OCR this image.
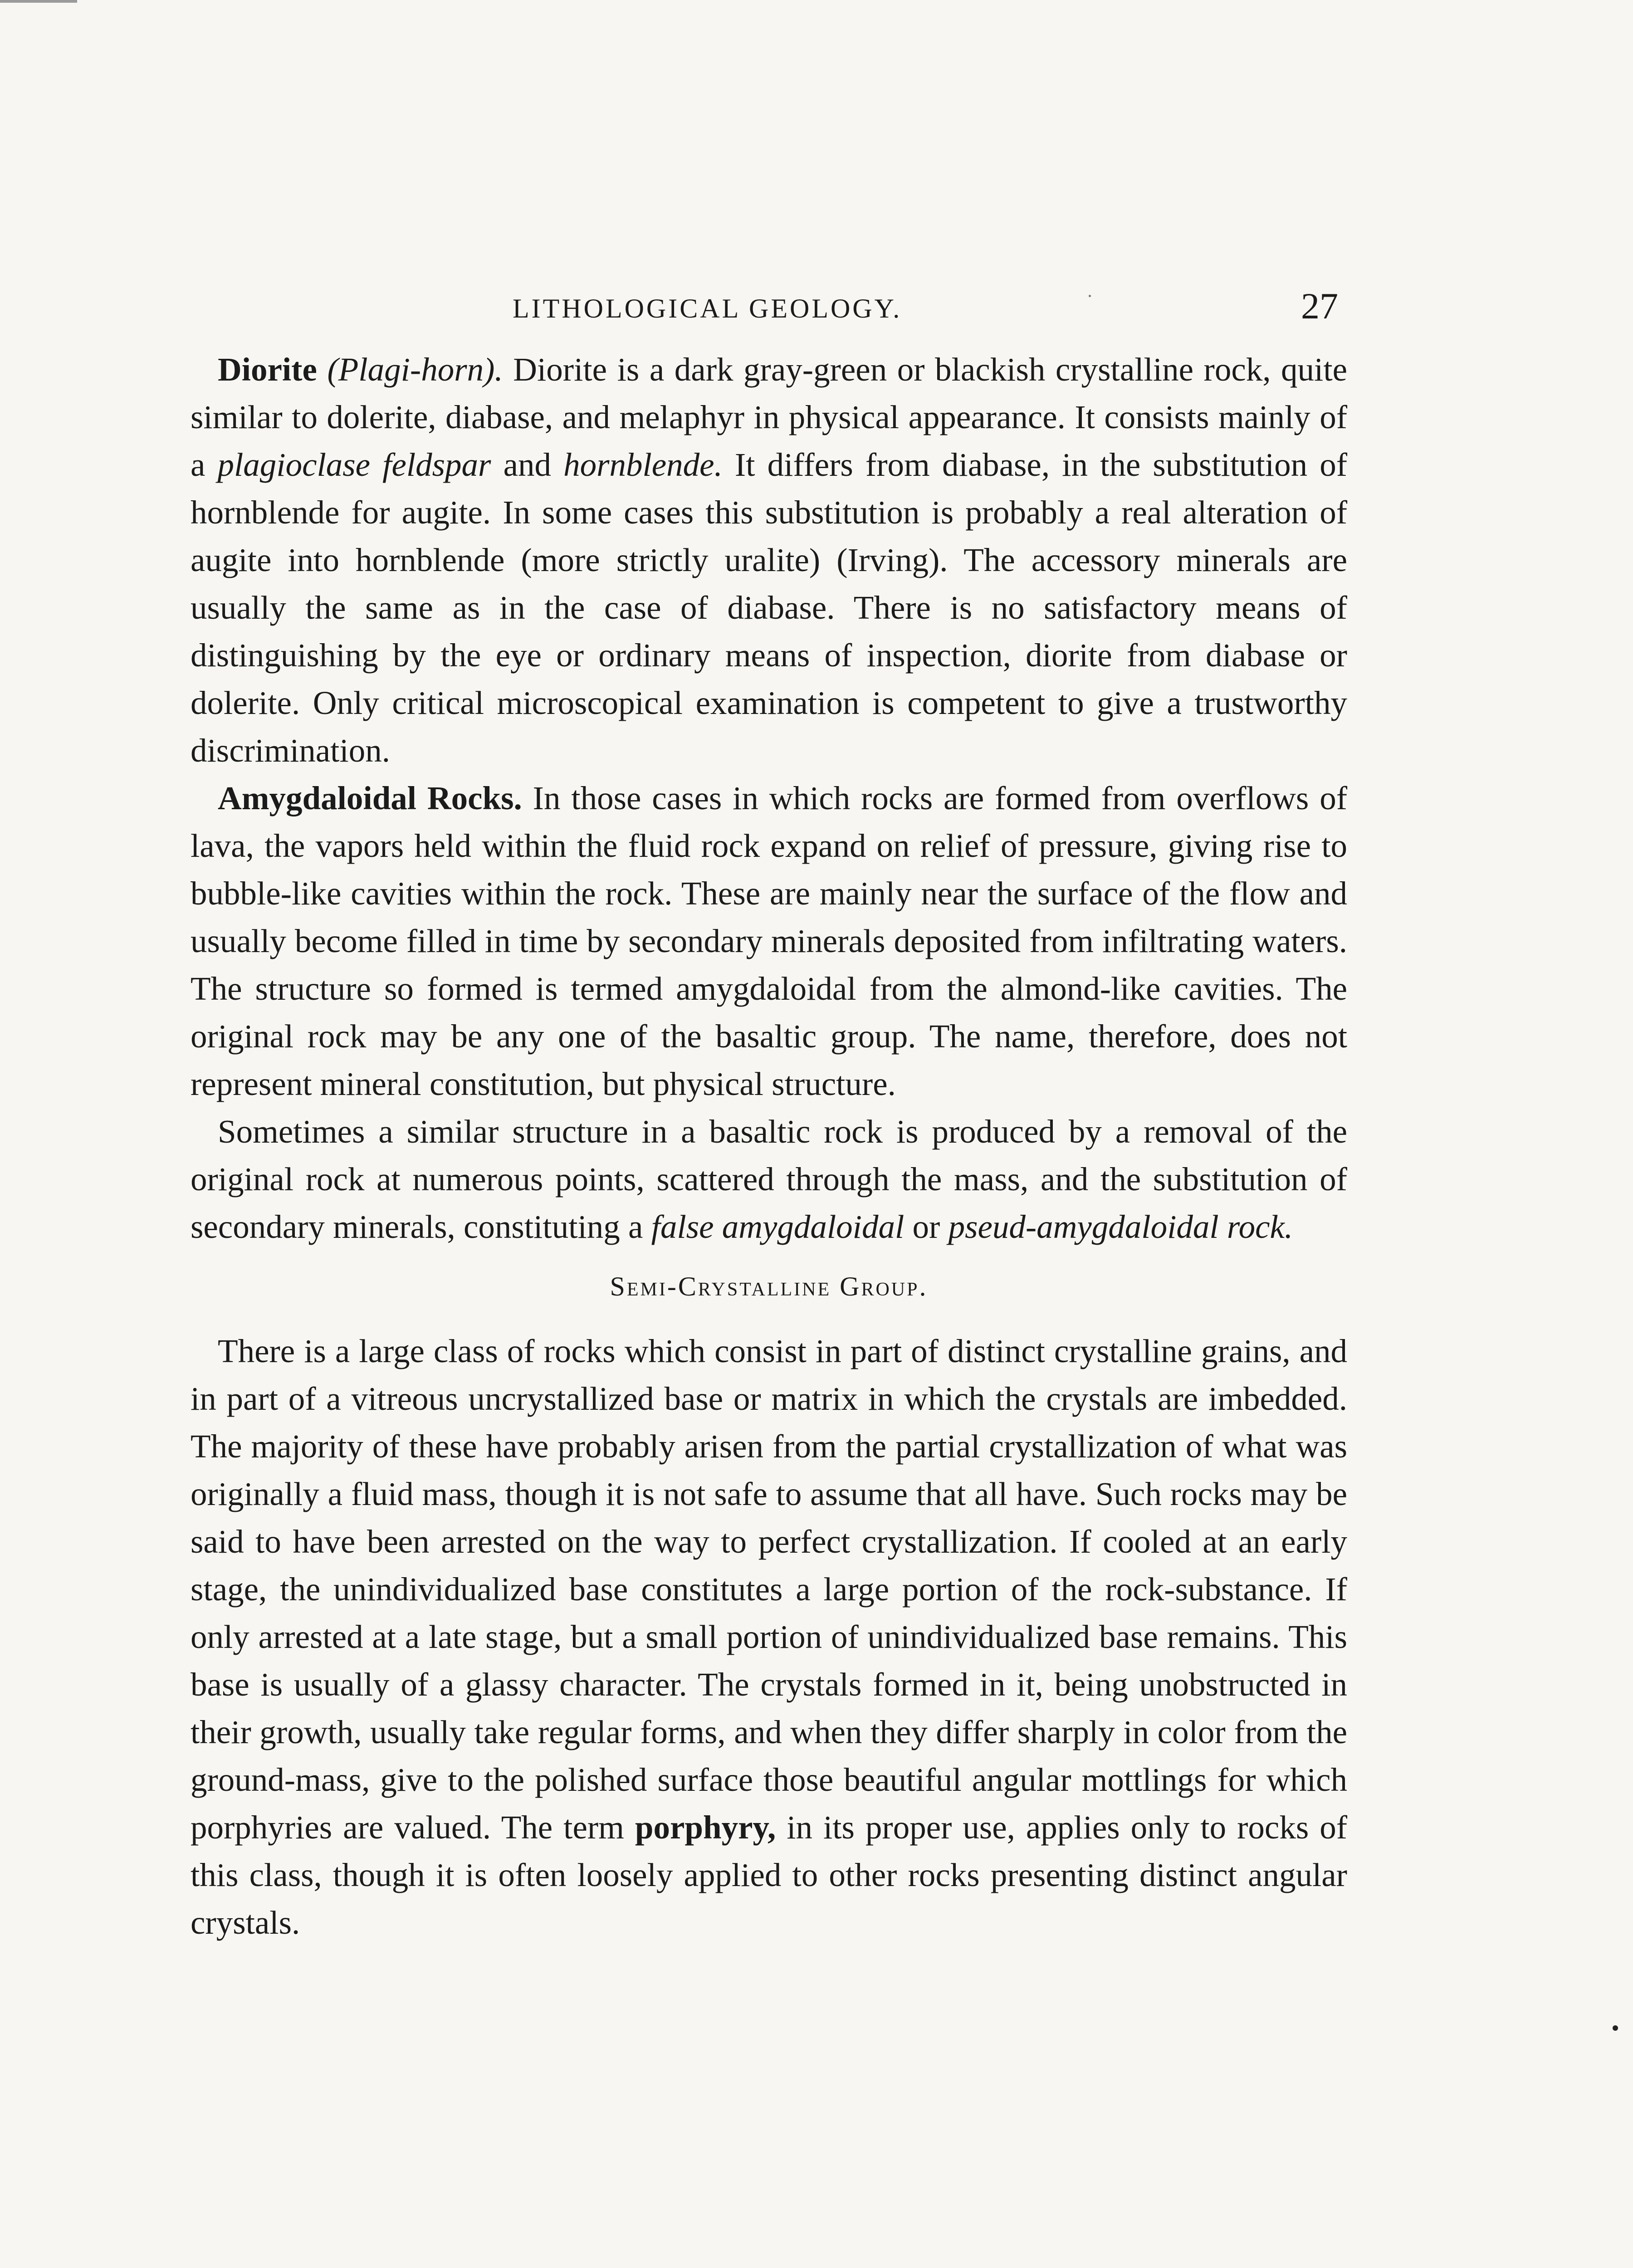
LITHOLOGICAL GEOLOGY.	27

Diorite (Plagi-horn). Diorite is a dark gray-green or blackish crystalline rock, quite similar to dolerite, diabase, and melaphyr in physical appearance. It consists mainly of a plagioclase feldspar and hornblende. It differs from diabase, in the substitution of hornblende for augite. In some cases this substitution is probably a real alteration of augite into hornblende (more strictly uralite) (Irving). The accessory minerals are usually the same as in the case of diabase. There is no satisfactory means of distinguishing by the eye or ordinary means of inspection, diorite from diabase or dolerite. Only critical microscopical examination is competent to give a trustworthy discrimination.

Amygdaloidal Rocks. In those cases in which rocks are formed from overflows of lava, the vapors held within the fluid rock expand on relief of pressure, giving rise to bubble-like cavities within the rock. These are mainly near the surface of the flow and usually become filled in time by secondary minerals deposited from infiltrating waters. The structure so formed is termed amygdaloidal from the almond-like cavities. The original rock may be any one of the basaltic group. The name, therefore, does not represent mineral constitution, but physical structure.

Sometimes a similar structure in a basaltic rock is produced by a removal of the original rock at numerous points, scattered through the mass, and the substitution of secondary minerals, constituting a false amygdaloidal or pseud-amygdaloidal rock.

Semi-Crystalline Group.

There is a large class of rocks which consist in part of distinct crystalline grains, and in part of a vitreous uncrystallized base or matrix in which the crystals are imbedded. The majority of these have probably arisen from the partial crystallization of what was originally a fluid mass, though it is not safe to assume that all have. Such rocks may be said to have been arrested on the way to perfect crystallization. If cooled at an early stage, the unindividualized base constitutes a large portion of the rock-substance. If only arrested at a late stage, but a small portion of unindividualized base remains. This base is usually of a glassy character. The crystals formed in it, being unobstructed in their growth, usually take regular forms, and when they differ sharply in color from the ground-mass, give to the polished surface those beautiful angular mottlings for which porphyries are valued. The term porphyry, in its proper use, applies only to rocks of this class, though it is often loosely applied to other rocks presenting distinct angular crystals.
